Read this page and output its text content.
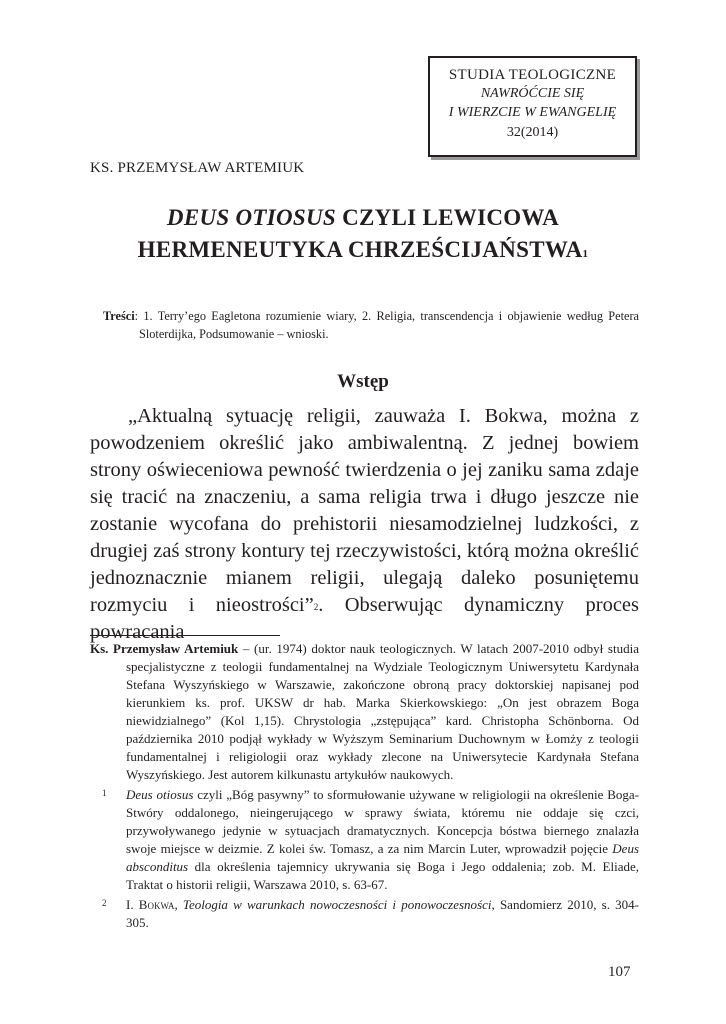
STUDIA TEOLOGICZNE
NAWRÓĆCIE SIĘ
I WIERZCIE W EWANGELIĘ
32(2014)
KS. PRZEMYSŁAW ARTEMIUK
DEUS OTIOSUS CZYLI LEWICOWA
HERMENEUTYKA CHRZEŚCIJAŃSTWA$^1$
Treści: 1. Terry’ego Eagletona rozumienie wiary, 2. Religia, transcendencja i objawienie według Petera Sloterdijka, Podsumowanie – wnioski.
Wstęp

„Aktualną sytuację religii, zauważa I. Bokwa, można z powodzeniem określić jako ambiwalentną. Z jednej bowiem strony oświeceniowa pewność twierdzenia o jej zaniku sama zdaje się tracić na znaczeniu, a sama religia trwa i długo jeszcze nie zostanie wycofana do prehistorii niesamodzielnej ludzkości, z drugiej zaś strony kontury tej rzeczywistości, którą można określić jednoznacznie mianem religii, ulegają daleko posuniętemu rozmyciu i nieostrości”$^2$. Obserwując dynamiczny proces powracania

Ks. Przemysław Artemiuk – (ur. 1974) doktor nauk teologicznych. W latach 2007-2010 odbył studia specjalistyczne z teologii fundamentalnej na Wydziale Teologicznym Uniwersytetu Kardynała Stefana Wyszyńskiego w Warszawie, zakończone obroną pracy doktorskiej napisanej pod kierunkiem ks. prof. UKSW dr hab. Marka Skierkowskiego: „On jest obrazem Boga niewidzialnego” (Kol 1,15). Chrystologia „zstępująca” kard. Christopha Schönborna. Od października 2010 podjął wykłady w Wyższym Seminarium Duchownym w Łomży z teologii fundamentalnej i religiologii oraz wykłady zlecone na Uniwersytecie Kardynała Stefana Wyszyńskiego. Jest autorem kilkunastu artykułów naukowych.
1 Deus otiosus czyli „Bóg pasywny” to sformułowanie używane w religiologii na określenie Boga-Stwóry oddalonego, nieingerującego w sprawy świata, któremu nie oddaje się czci, przywoływanego jedynie w sytuacjach dramatycznych. Koncepcja bóstwa biernego znalazła swoje miejsce w deizmie. Z kolei św. Tomasz, a za nim Marcin Luter, wprowadził pojęcie Deus absconditus dla określenia tajemnicy ukrywania się Boga i Jego oddalenia; zob. M. Eliade, Traktat o historii religii, Warszawa 2010, s. 63-67.
2 I. Bokwa, Teologia w warunkach nowoczesności i ponowoczesności, Sandomierz 2010, s. 304-305.
107
